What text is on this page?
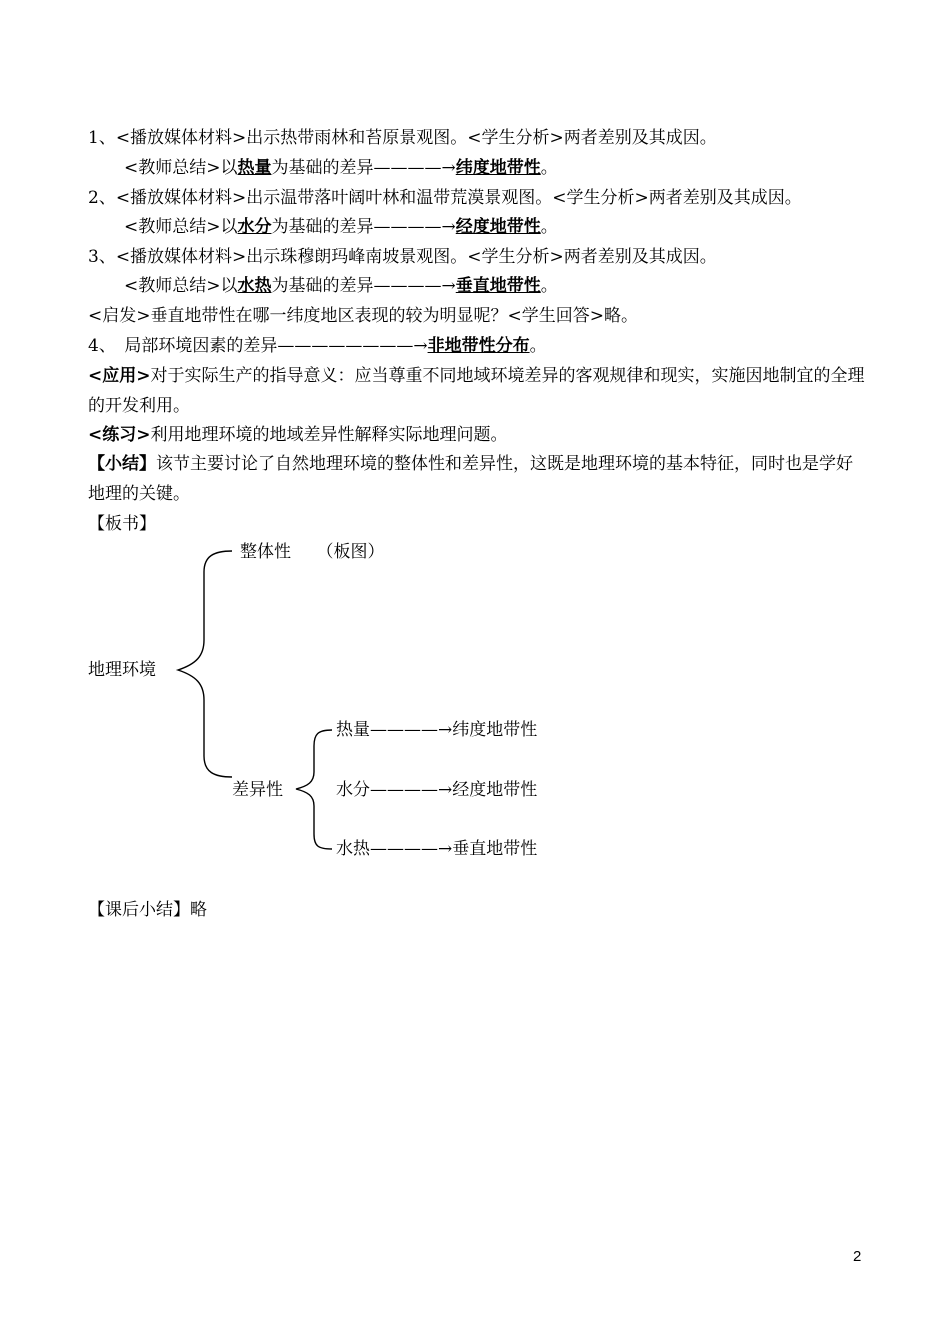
1、<播放媒体材料>出示热带雨林和苔原景观图。<学生分析>两者差别及其成因。
<教师总结>以热量为基础的差异————→纬度地带性。
2、<播放媒体材料>出示温带落叶阔叶林和温带荒漠景观图。<学生分析>两者差别及其成因。
<教师总结>以水分为基础的差异————→经度地带性。
3、<播放媒体材料>出示珠穆朗玛峰南坡景观图。<学生分析>两者差别及其成因。
<教师总结>以水热为基础的差异————→垂直地带性。
<启发>垂直地带性在哪一纬度地区表现的较为明显呢？<学生回答>略。
4、　局部环境因素的差异————————→非地带性分布。
<应用>对于实际生产的指导意义：应当尊重不同地域环境差异的客观规律和现实，实施因地制宜的全理的开发利用。
<练习>利用地理环境的地域差异性解释实际地理问题。
【小结】该节主要讨论了自然地理环境的整体性和差异性，这既是地理环境的基本特征，同时也是学好地理的关键。
【板书】
整体性　　 （板图）
地理环境
差异性
热量————→纬度地带性
水分————→经度地带性
水热————→垂直地带性
【课后小结】略
2
